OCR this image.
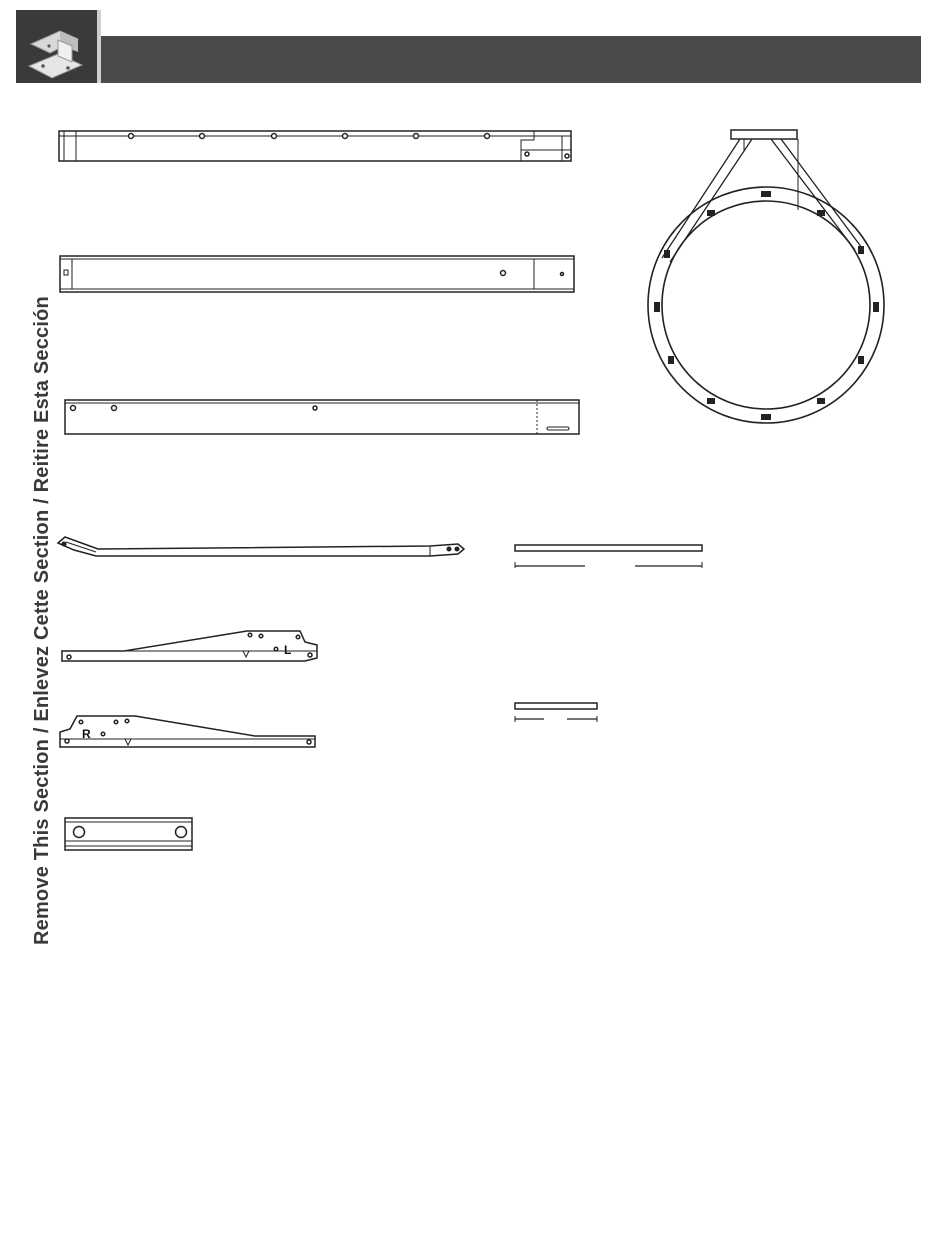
Remove This Section / Enlevez Cette Section / Reitire Esta Sección	L
R
